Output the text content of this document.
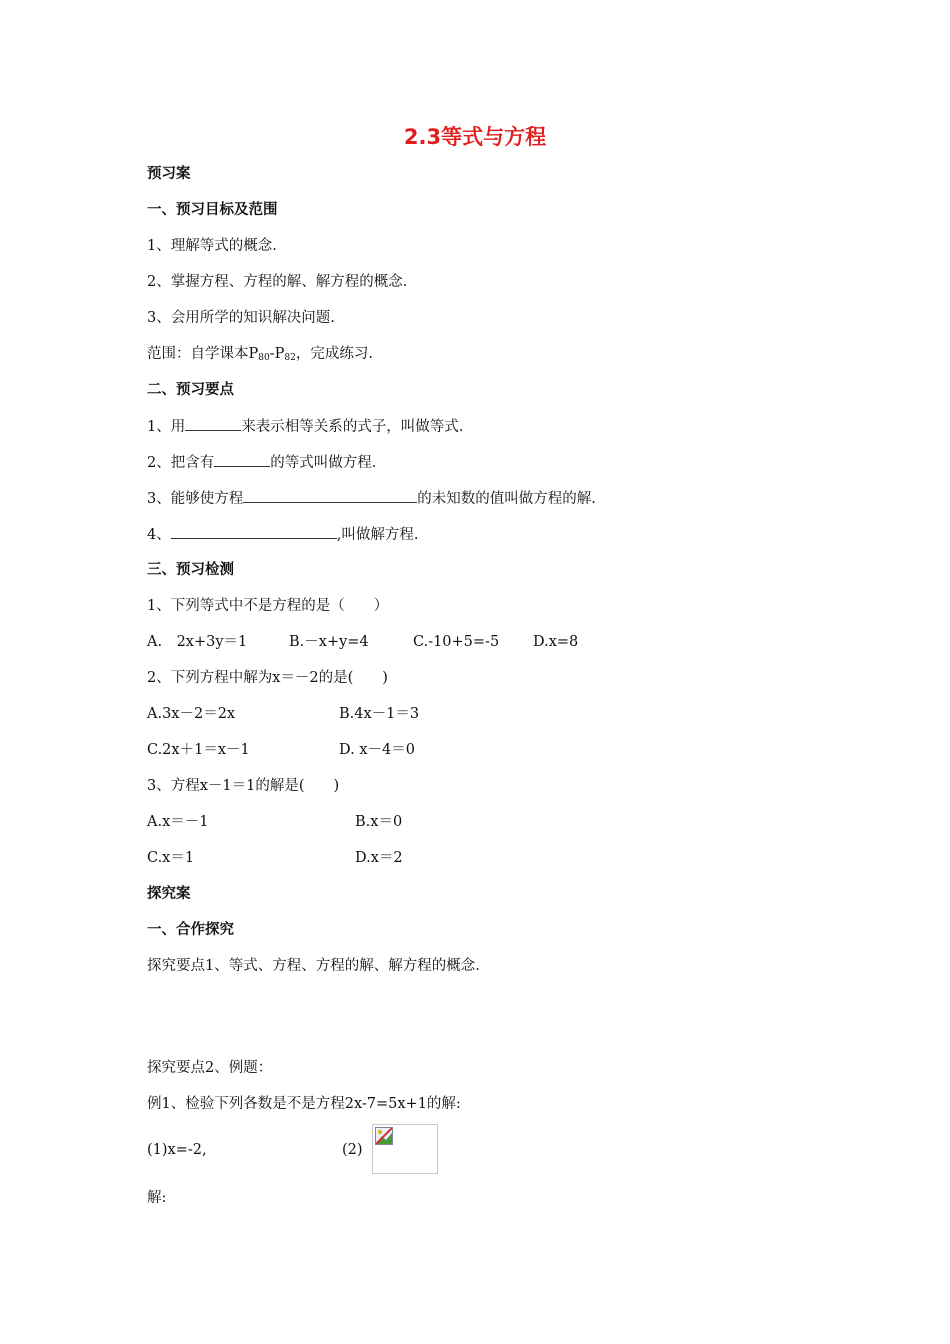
2.3等式与方程
预习案
一、预习目标及范围
1、理解等式的概念.
2、掌握方程、方程的解、解方程的概念.
3、会用所学的知识解决问题.
范围：自学课本$P_{80}-P_{82}$，完成练习.
二、预习要点
1、用	来表示相等关系的式子，叫做等式.
2、把含有	的等式叫做方程.
3、能够使方程	的未知数的值叫做方程的解.
4、	,叫做解方程.
三、预习检测
1、下列等式中不是方程的是（　　）
A.　2x+3y＝1	B.－x+y=4	C.-10+5=-5 D.x=8
2、下列方程中解为x＝－2的是(　　)
A.3x－2＝2x	B.4x－1＝3
C.2x＋1＝x－1	D. x－4＝0
3、方程x－1＝1的解是(　　)
A.x＝－1	B.x＝0
C.x＝1	D.x＝2
探究案
一、合作探究
探究要点1、等式、方程、方程的解、解方程的概念.
探究要点2、例题：
例1、检验下列各数是不是方程2x-7=5x+1的解:
(1)x=-2,	(2)
解:
